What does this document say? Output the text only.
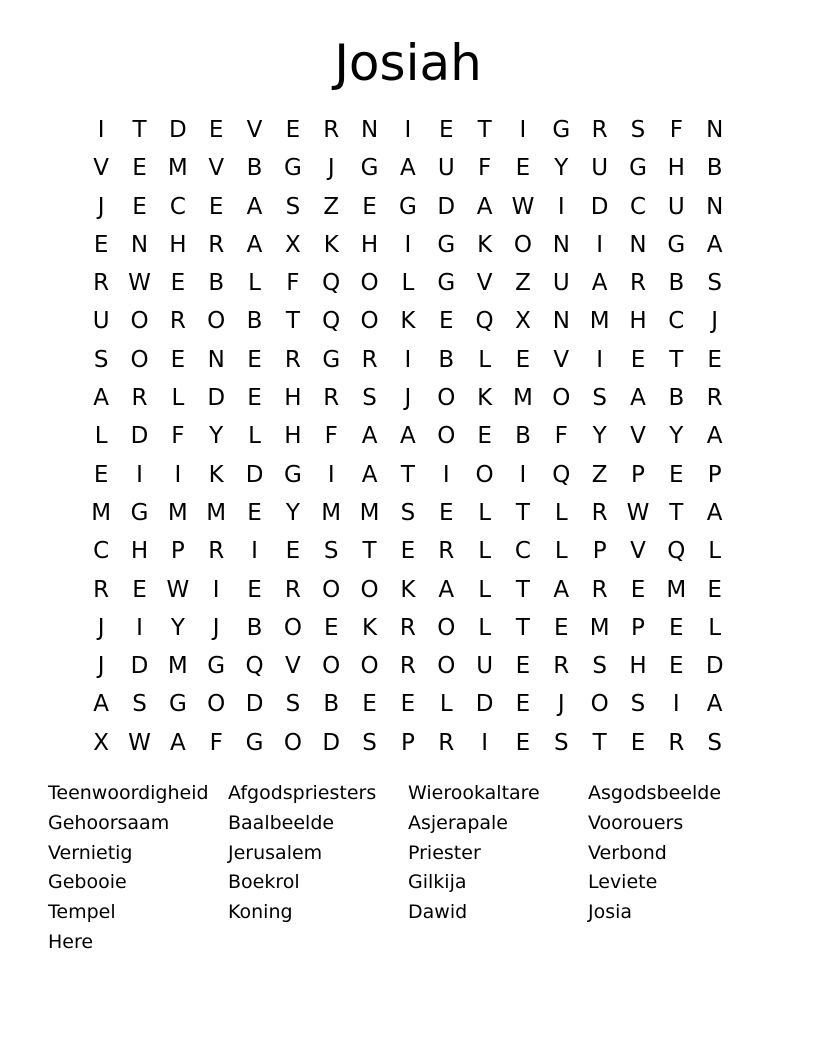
Josiah
I	T D E	V	E	R N	I	E	T	I	G R	S	F	N
V	E M V B G	J	G A U	F	E	Y U G H B
J	E	C	E	A	S	Z	E G D A W	I	D C U N
E N H R A X K H	I	G K O N	I	N G A
R W E	B	L	F Q O L	G V Z U A R B	S
U O R O B	T Q O K	E Q X N M H C	J
S O E N E	R G R	I	B	L	E	V	I	E	T	E
A R	L	D E H R	S	J	O K M O S	A B R
L	D F	Y	L	H	F	A A O E	B	F	Y	V	Y	A
E	I	I	K D G	I	A	T	I	O	I	Q Z	P	E	P
M G M M E	Y M M S	E	L	T	L	R W T	A
C H P	R	I	E	S	T	E	R	L	C	L	P	V Q L
R	E W	I	E	R O O K A	L	T	A R	E M E
J	I	Y	J	B O E	K R O L	T	E M P	E	L
J	D M G Q V O O R O U E	R	S H E D
A	S G O D S	B	E	E	L	D E	J	O S	I	A
X W A	F G O D S	P	R	I	E	S	T	E	R	S
Teenwoordigheid	Afgodspriesters	Wierookaltare	Asgodsbeelde
Gehoorsaam	Baalbeelde	Asjerapale	Voorouers
Vernietig	Jerusalem	Priester	Verbond
Gebooie	Boekrol	Gilkija	Leviete
Tempel	Koning	Dawid	Josia
Here
